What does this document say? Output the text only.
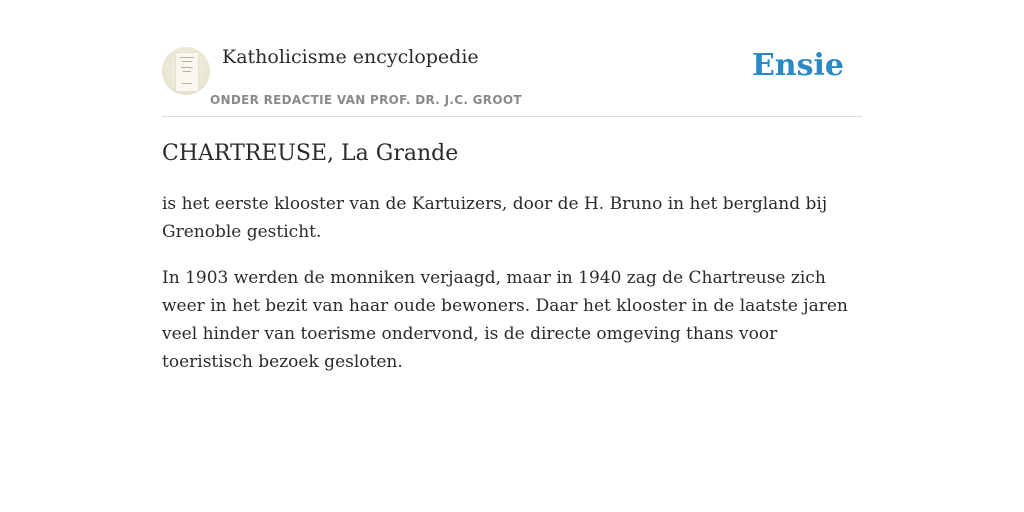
Katholicisme encyclopedie
ONDER REDACTIE VAN PROF. DR. J.C. GROOT
Ensie
CHARTREUSE, La Grande

is het eerste klooster van de Kartuizers, door de H. Bruno in het bergland bij Grenoble gesticht.

In 1903 werden de monniken verjaagd, maar in 1940 zag de Chartreuse zich weer in het bezit van haar oude bewoners. Daar het klooster in de laatste jaren veel hinder van toerisme ondervond, is de directe omgeving thans voor toeristisch bezoek gesloten.
